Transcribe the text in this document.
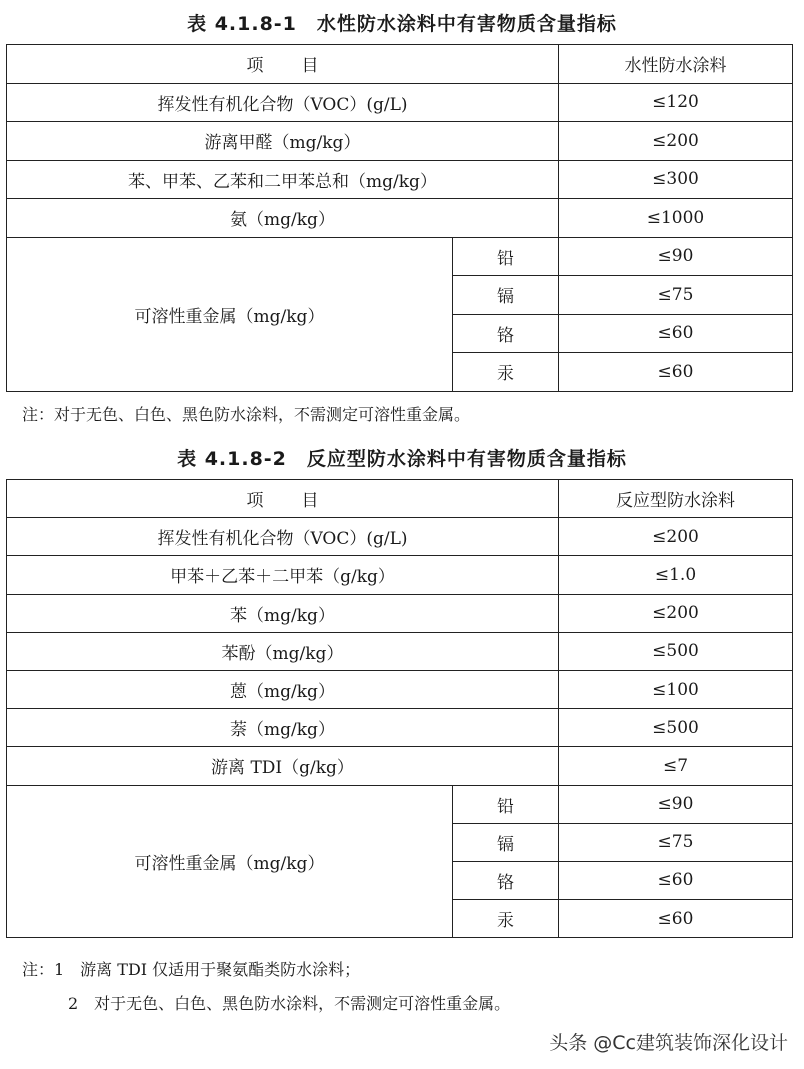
表 4.1.8-1　水性防水涂料中有害物质含量指标
项目		水性防水涂料
挥发性有机化合物（VOC）(g/L)		≤120
游离甲醛（mg/kg）		≤200
苯、甲苯、乙苯和二甲苯总和（mg/kg）		≤300
氨（mg/kg）		≤1000
可溶性重金属（mg/kg）	铅	≤90
	镉	≤75
	铬	≤60
	汞	≤60
注：对于无色、白色、黑色防水涂料，不需测定可溶性重金属。
表 4.1.8-2　反应型防水涂料中有害物质含量指标
项目		反应型防水涂料
挥发性有机化合物（VOC）(g/L)		≤200
甲苯＋乙苯＋二甲苯（g/kg）		≤1.0
苯（mg/kg）		≤200
苯酚（mg/kg）		≤500
蒽（mg/kg）		≤100
萘（mg/kg）		≤500
游离 TDI（g/kg）		≤7
可溶性重金属（mg/kg）	铅	≤90
	镉	≤75
	铬	≤60
	汞	≤60
注：1　游离 TDI 仅适用于聚氨酯类防水涂料；
2　对于无色、白色、黑色防水涂料，不需测定可溶性重金属。
头条 @Cc建筑装饰深化设计
